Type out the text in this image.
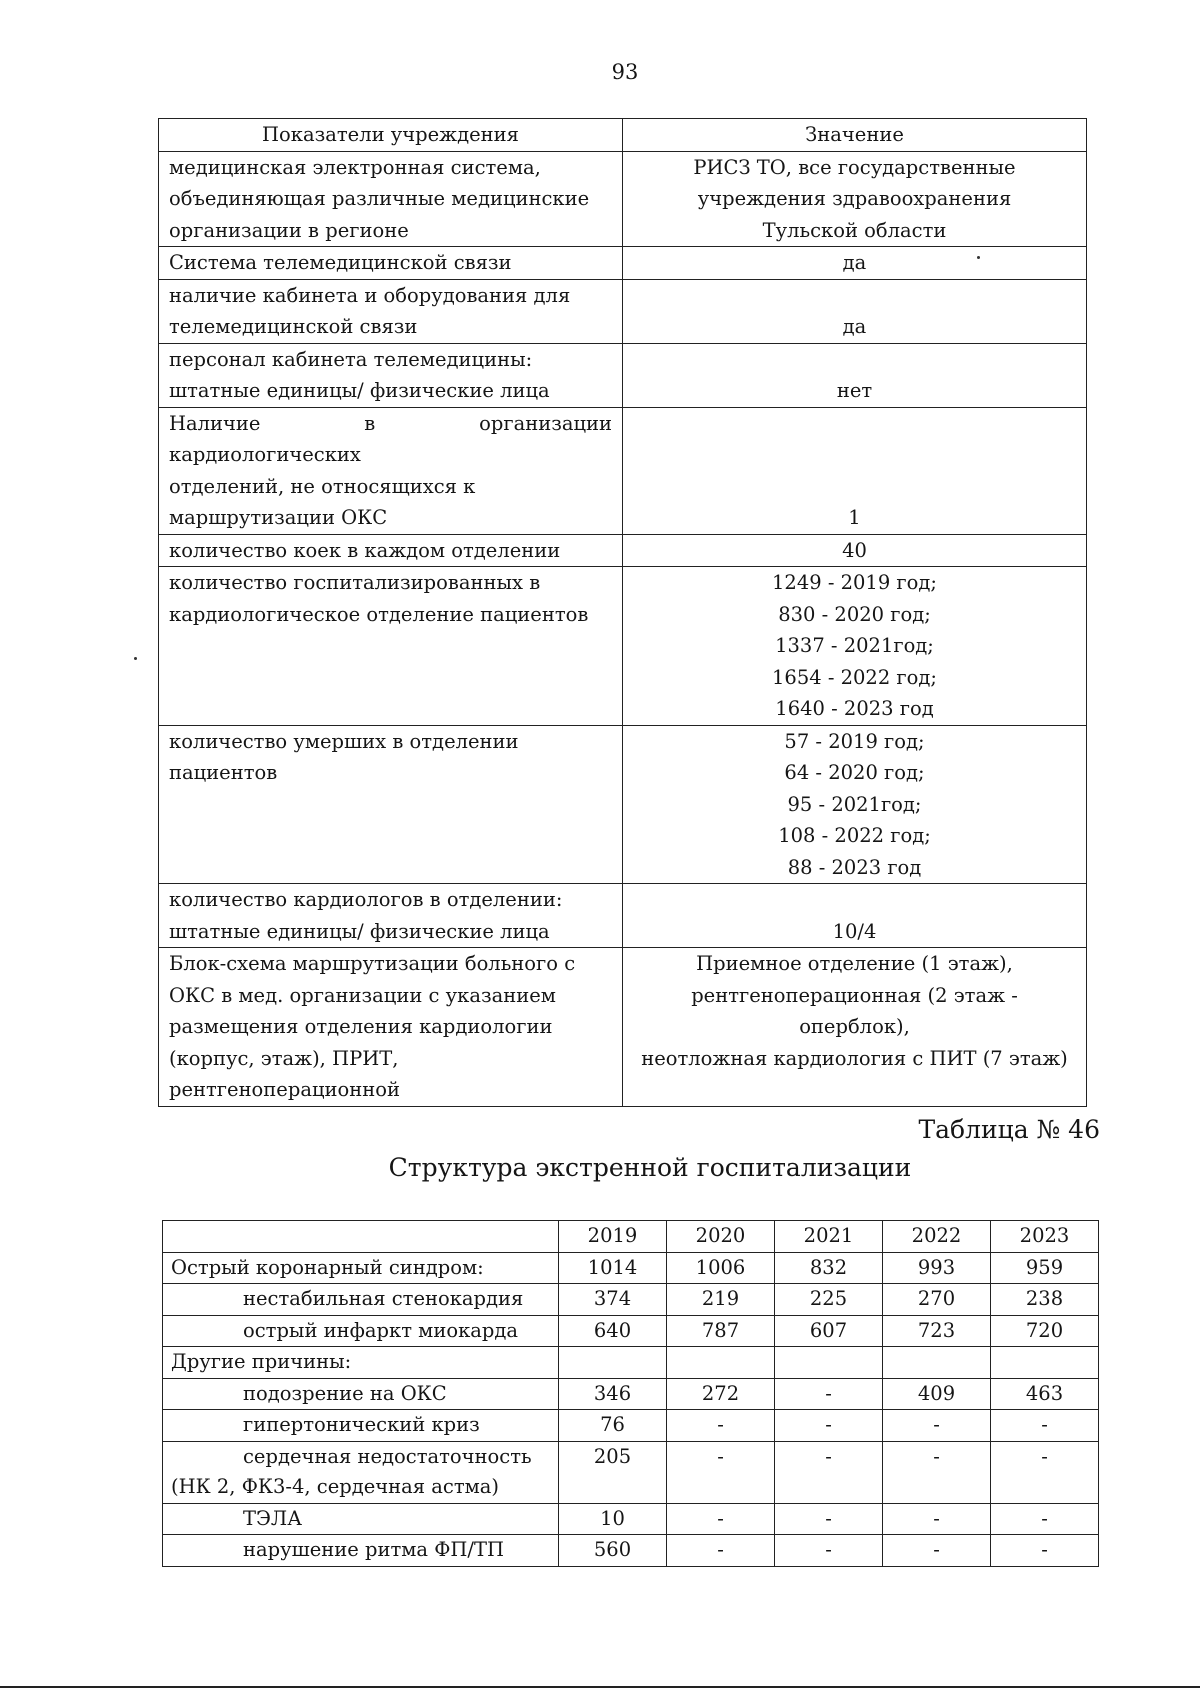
93
Показатели учреждения	Значение

медицинская электронная система,
объединяющая различные медицинские
организации в регионе	РИСЗ ТО, все государственные
учреждения здравоохранения
Тульской области

Система телемедицинской связи	да

наличие кабинета и оборудования для
телемедицинской связи	да

персонал кабинета телемедицины:
штатные единицы/ физические лица	нет

Наличие в организации кардиологических
отделений, не относящихся к
маршрутизации ОКС	1

количество коек в каждом отделении	40

количество госпитализированных в
кардиологическое отделение пациентов	1249 - 2019 год;
830 - 2020 год;
1337 - 2021год;
1654 - 2022 год;
1640 - 2023 год

количество умерших в отделении
пациентов	57 - 2019 год;
64 - 2020 год;
95 - 2021год;
108 - 2022 год;
88 - 2023 год

количество кардиологов в отделении:
штатные единицы/ физические лица	10/4

Блок-схема маршрутизации больного с
ОКС в мед. организации с указанием
размещения отделения кардиологии
(корпус, этаж), ПРИТ,
рентгеноперационной	Приемное отделение (1 этаж),
рентгеноперационная (2 этаж - оперблок),
неотложная кардиология с ПИТ (7 этаж)
Таблица № 46
Структура экстренной госпитализации
	2019	2020	2021	2022	2023
Острый коронарный синдром:	1014	1006	832	993	959
нестабильная стенокардия	374	219	225	270	238
острый инфаркт миокарда	640	787	607	723	720
Другие причины:					
подозрение на ОКС	346	272	-	409	463
гипертонический криз	76	-	-	-	-

сердечная недостаточность
(НК 2, ФК3-4, сердечная астма)	205	-	-	-	-
ТЭЛА	10	-	-	-	-
нарушение ритма ФП/ТП	560	-	-	-	-
